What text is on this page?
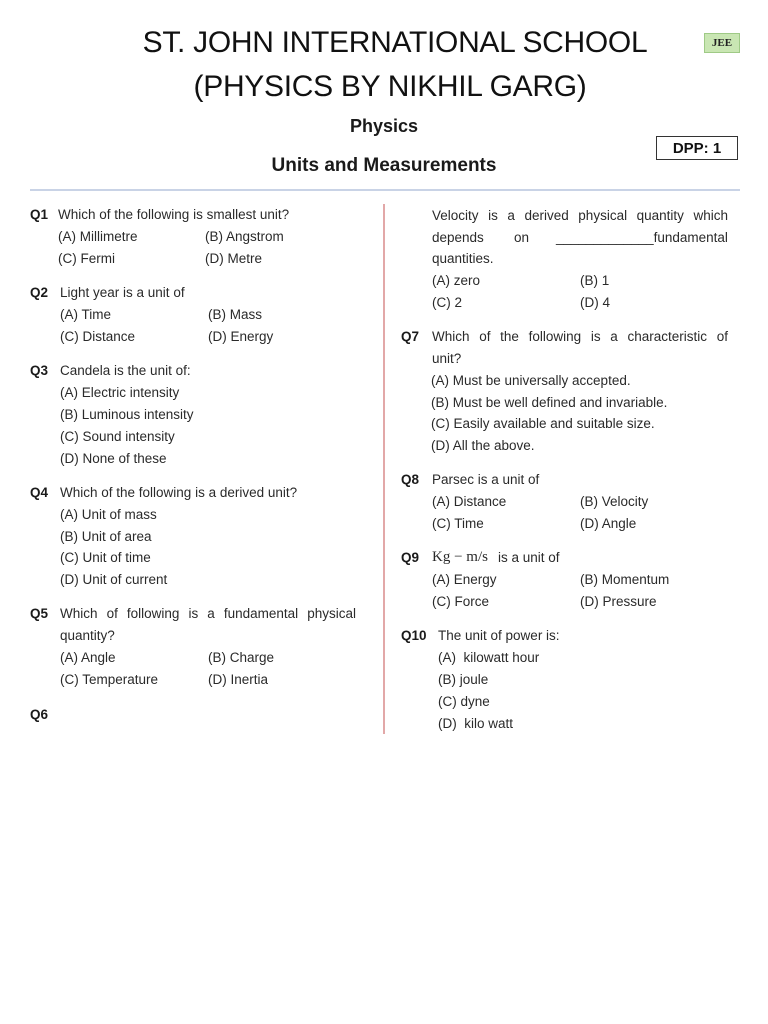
ST. JOHN INTERNATIONAL SCHOOL
(PHYSICS BY NIKHIL GARG)
JEE
Physics
Units and Measurements
DPP: 1
Q1 Which of the following is smallest unit?
(A) Millimetre	(B) Angstrom
(C) Fermi	(D) Metre
Q2 Light year is a unit of
(A) Time	(B) Mass
(C) Distance	(D) Energy
Q3 Candela is the unit of:
(A) Electric intensity
(B) Luminous intensity
(C) Sound intensity
(D) None of these
Q4 Which of the following is a derived unit?
(A) Unit of mass
(B) Unit of area
(C) Unit of time
(D) Unit of current
Q5 Which of following is a fundamental physical
quantity?
(A) Angle	(B) Charge
(C) Temperature	(D) Inertia
Q6
Velocity is a derived physical quantity which
depends on _____________fundamental
quantities.
(A) zero	(B) 1
(C) 2	(D) 4
Q7 Which of the following is a characteristic of
unit?
(A) Must be universally accepted.
(B) Must be well defined and invariable.
(C) Easily available and suitable size.
(D) All the above.
Q8 Parsec is a unit of
(A) Distance	(B) Velocity
(C) Time	(D) Angle
Q9 Kg − m/s is a unit of
(A) Energy	(B) Momentum
(C) Force	(D) Pressure
Q10 The unit of power is:
(A)  kilowatt hour
(B) joule
(C) dyne
(D)  kilo watt
